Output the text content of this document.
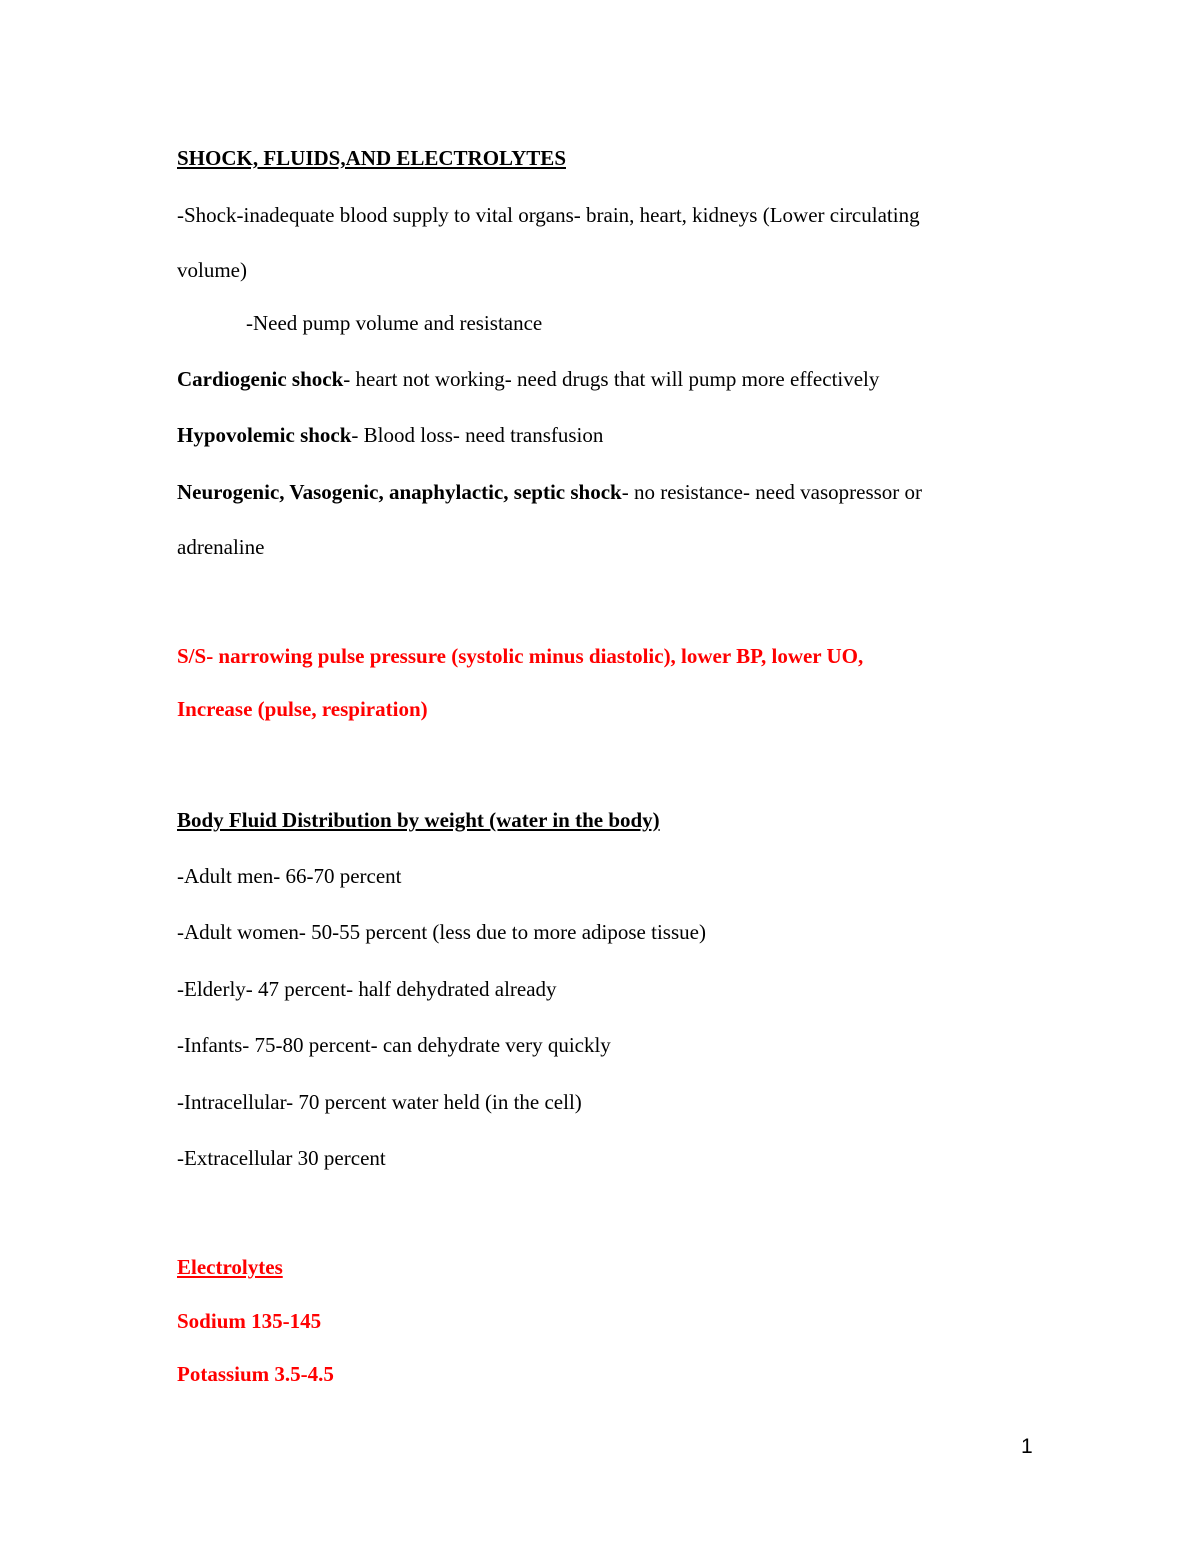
SHOCK, FLUIDS,AND ELECTROLYTES
-Shock-inadequate blood supply to vital organs- brain, heart, kidneys (Lower circulating
volume)
-Need pump volume and resistance
Cardiogenic shock- heart not working- need drugs that will pump more effectively
Hypovolemic shock- Blood loss- need transfusion
Neurogenic, Vasogenic, anaphylactic, septic shock- no resistance- need vasopressor or
adrenaline
S/S- narrowing pulse pressure (systolic minus diastolic), lower BP, lower UO,
Increase (pulse, respiration)
Body Fluid Distribution by weight (water in the body)
-Adult men- 66-70 percent
-Adult women- 50-55 percent (less due to more adipose tissue)
-Elderly- 47 percent- half dehydrated already
-Infants- 75-80 percent- can dehydrate very quickly
-Intracellular- 70 percent water held (in the cell)
-Extracellular 30 percent
Electrolytes
Sodium 135-145
Potassium 3.5-4.5
1
